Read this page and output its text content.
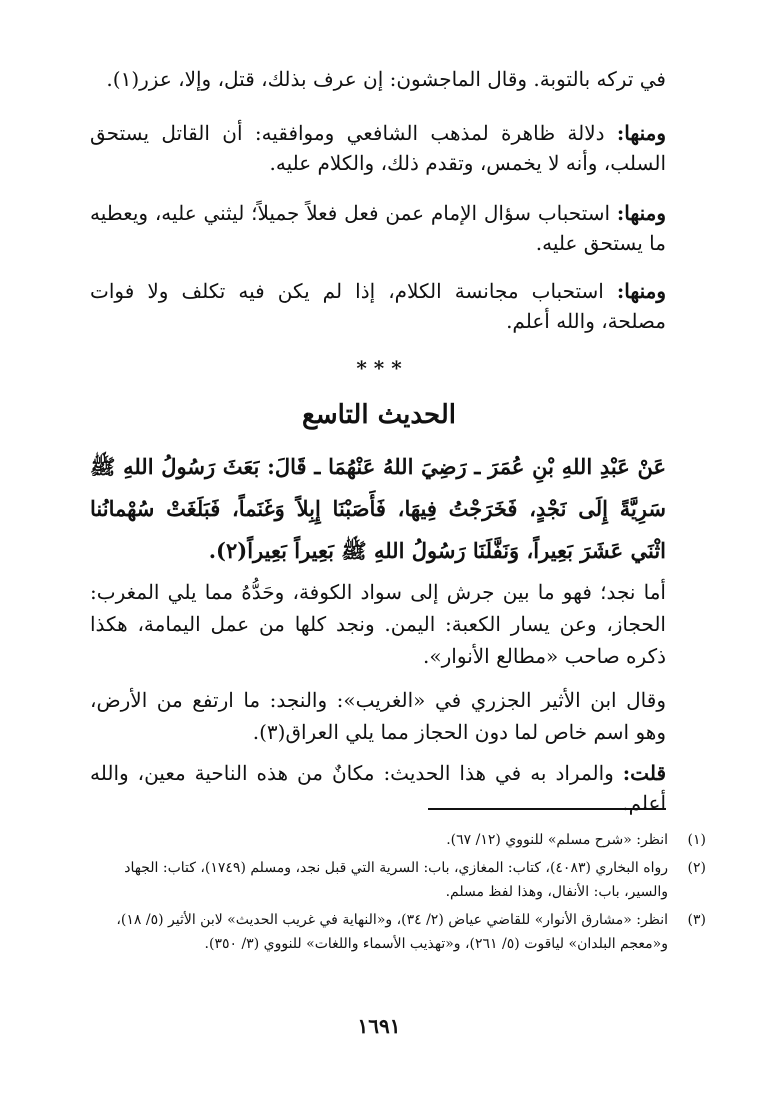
في تركه بالتوبة. وقال الماجشون: إن عرف بذلك، قتل، وإلا، عزر(١).
ومنها: دلالة ظاهرة لمذهب الشافعي وموافقيه: أن القاتل يستحق السلب، وأنه لا يخمس، وتقدم ذلك، والكلام عليه.
ومنها: استحباب سؤال الإمام عمن فعل فعلاً جميلاً؛ ليثني عليه، ويعطيه ما يستحق عليه.
ومنها: استحباب مجانسة الكلام، إذا لم يكن فيه تكلف ولا فوات مصلحة، والله أعلم.
* * *
الحديث التاسع
عَنْ عَبْدِ اللهِ بْنِ عُمَرَ ـ رَضِيَ اللهُ عَنْهُمَا ـ قَالَ: بَعَثَ رَسُولُ اللهِ ﷺ سَرِيَّةً إِلَى نَجْدٍ، فَخَرَجْتُ فِيهَا، فَأَصَبْنَا إِبِلاً وَغَنَماً، فَبَلَغَتْ سُهْمانُنا اثْنَي عَشَرَ بَعِيراً، وَنَفَّلَنَا رَسُولُ اللهِ ﷺ بَعِيراً بَعِيراً(٢).
أما نجد؛ فهو ما بين جرش إلى سواد الكوفة، وحَدُّهُ مما يلي المغرب: الحجاز، وعن يسار الكعبة: اليمن. ونجد كلها من عمل اليمامة، هكذا ذكره صاحب «مطالع الأنوار».
وقال ابن الأثير الجزري في «الغريب»: والنجد: ما ارتفع من الأرض، وهو اسم خاص لما دون الحجاز مما يلي العراق(٣).
قلت: والمراد به في هذا الحديث: مكانٌ من هذه الناحية معين، والله أعلم.
(١)
انظر: «شرح مسلم» للنووي (١٢/ ٦٧).
(٢)
رواه البخاري (٤٠٨٣)، كتاب: المغازي، باب: السرية التي قبل نجد، ومسلم (١٧٤٩)، كتاب: الجهاد والسير، باب: الأنفال، وهذا لفظ مسلم.
(٣)
انظر: «مشارق الأنوار» للقاضي عياض (٢/ ٣٤)، و«النهاية في غريب الحديث» لابن الأثير (٥/ ١٨)، و«معجم البلدان» لياقوت (٥/ ٢٦١)، و«تهذيب الأسماء واللغات» للنووي (٣/ ٣٥٠).
١٦٩١
